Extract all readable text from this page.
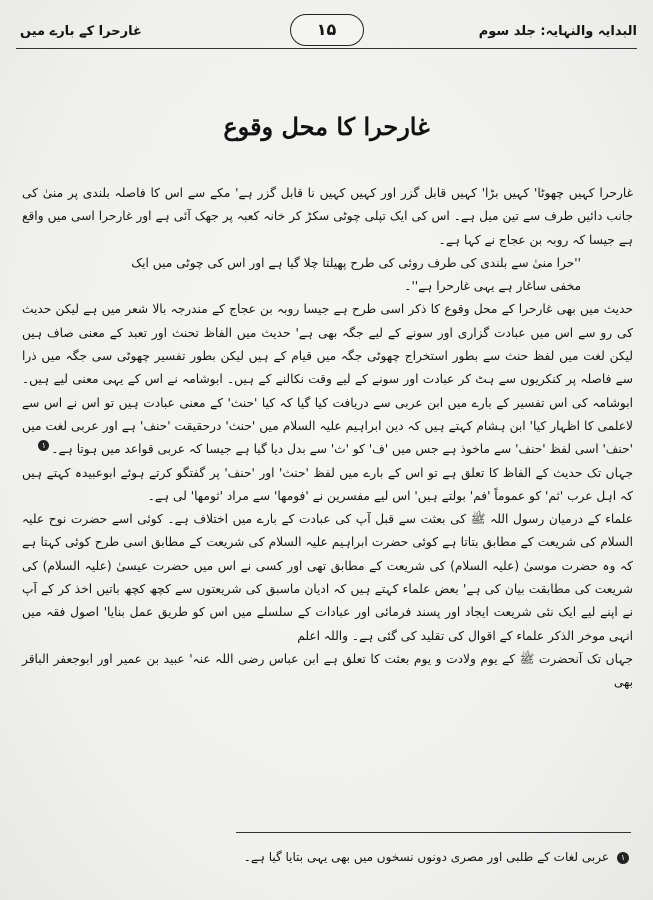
البدایہ والنہایہ: جلد سوم
۱۵
غارحرا کے بارے میں
غارحرا کا محل وقوع

غارحرا کہیں چھوٹا' کہیں بڑا' کہیں قابل گزر اور کہیں کہیں نا قابل گزر ہے' مکے سے اس کا فاصلہ بلندی پر منیٰ کی جانب دائیں طرف سے تین میل ہے۔ اس کی ایک تپلی چوٹی سکڑ کر خانہ کعبہ پر جھک آئی ہے اور غارحرا اسی میں واقع ہے جیسا کہ روبہ بن عجاج نے کہا ہے۔

''حرا منیٰ سے بلندی کی طرف روئی کی طرح پھیلتا چلا گیا ہے اور اس کی چوٹی میں ایک

مخفی ساغار ہے یہی غارحرا ہے''۔

حدیث میں بھی غارحرا کے محل وقوع کا ذکر اسی طرح ہے جیسا روبہ بن عجاج کے مندرجہ بالا شعر میں ہے لیکن حدیث کی رو سے اس میں عبادت گزاری اور سونے کے لیے جگہ بھی ہے' حدیث میں الفاظ تحنث اور تعبد کے معنی صاف ہیں لیکن لغت میں لفظ حنث سے بطور استخراج چھوٹی جگہ میں قیام کے ہیں لیکن بطور تفسیر چھوٹی سی جگہ میں ذرا سے فاصلہ پر کنکریوں سے ہٹ کر عبادت اور سونے کے لیے وقت نکالنے کے ہیں۔ ابوشامہ نے اس کے یہی معنی لیے ہیں۔ ابوشامہ کی اس تفسیر کے بارے میں ابن عربی سے دریافت کیا گیا کہ کیا 'حنث' کے معنی عبادت ہیں تو اس نے اس سے لاعلمی کا اظہار کیا' ابن ہشام کہتے ہیں کہ دین ابراہیم علیہ السلام میں 'حنث' درحقیقت 'حنف' ہے اور عربی لغت میں 'حنف' اسی لفظ 'حنف' سے ماخوذ ہے جس میں 'ف' کو 'ث' سے بدل دیا گیا ہے جیسا کہ عربی قواعد میں ہوتا ہے۔۱

جہاں تک حدیث کے الفاظ کا تعلق ہے تو اس کے بارے میں لفظ 'حنث' اور 'حنف' پر گفتگو کرتے ہوئے ابوعبیدہ کہتے ہیں کہ اہل عرب 'ثم' کو عموماً 'فم' بولتے ہیں' اس لیے مفسرین نے 'فومھا' سے مراد 'ثومھا' لی ہے۔

علماء کے درمیان رسول اللہ ﷺ کی بعثت سے قبل آپ کی عبادت کے بارے میں اختلاف ہے۔ کوئی اسے حضرت نوح علیہ السلام کی شریعت کے مطابق بتاتا ہے کوئی حضرت ابراہیم علیہ السلام کی شریعت کے مطابق اسی طرح کوئی کہتا ہے کہ وہ حضرت موسیٰ (علیہ السلام) کی شریعت کے مطابق تھی اور کسی نے اس میں حضرت عیسیٰ (علیہ السلام) کی شریعت کی مطابقت بیان کی ہے' بعض علماء کہتے ہیں کہ ادیان ماسبق کی شریعتوں سے کچھ کچھ باتیں اخذ کر کے آپ نے اپنے لیے ایک نئی شریعت ایجاد اور پسند فرمائی اور عبادات کے سلسلے میں اس کو طریق عمل بنایا' اصول فقہ میں انہی موخر الذکر علماء کے اقوال کی تقلید کی گئی ہے۔ واللہ اعلم

جہاں تک آنحضرت ﷺ کے یوم ولادت و یوم بعثت کا تعلق ہے ابن عباس رضی اللہ عنہ' عبید بن عمیر اور ابوجعفر الباقر بھی

۱عربی لغات کے طلبی اور مصری دونوں نسخوں میں بھی یہی بتایا گیا ہے۔
